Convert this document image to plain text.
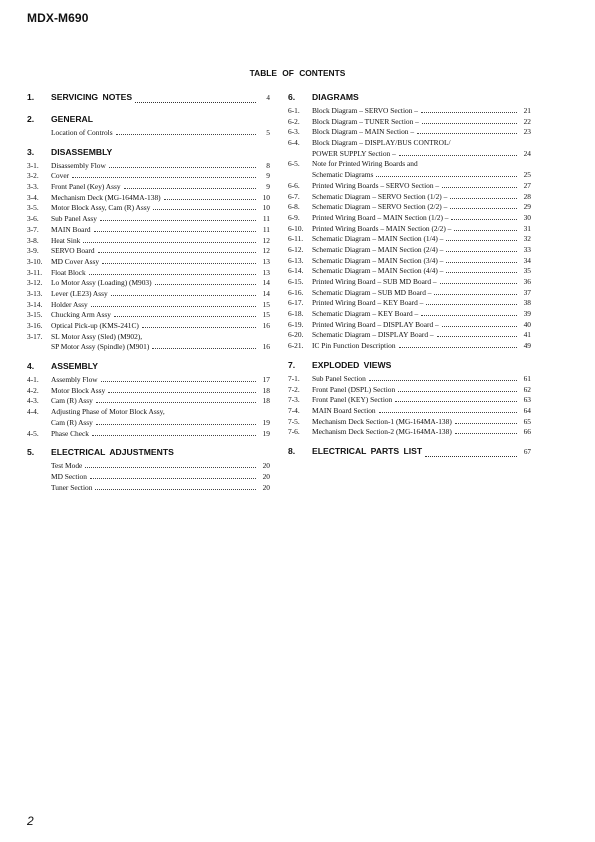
MDX-M690
TABLE OF CONTENTS
1.	SERVICING NOTES	4
2.	GENERAL
Location of Controls	5
3.	DISASSEMBLY
3-1.	Disassembly Flow	8
3-2.	Cover	9
3-3.	Front Panel (Key) Assy	9
3-4.	Mechanism Deck (MG-164MA-138)	10
3-5.	Motor Block Assy, Cam (R) Assy	10
3-6.	Sub Panel Assy	11
3-7.	MAIN Board	11
3-8.	Heat Sink	12
3-9.	SERVO Board	12
3-10.	MD Cover Assy	13
3-11.	Float Block	13
3-12.	Lo Motor Assy (Loading) (M903)	14
3-13.	Lever (LE23) Assy	14
3-14.	Holder Assy	15
3-15.	Chucking Arm Assy	15
3-16.	Optical Pick-up (KMS-241C)	16
3-17.	SL Motor Assy (Sled) (M902),
SP Motor Assy (Spindle) (M901)	16
4.	ASSEMBLY
4-1.	Assembly Flow	17
4-2.	Motor Block Assy	18
4-3.	Cam (R) Assy	18
4-4.	Adjusting Phase of Motor Block Assy,
Cam (R) Assy	19
4-5.	Phase Check	19
5.	ELECTRICAL ADJUSTMENTS
Test Mode	20
MD Section	20
Tuner Section	20
6.	DIAGRAMS
6-1.	Block Diagram – SERVO Section –	21
6-2.	Block Diagram – TUNER Section –	22
6-3.	Block Diagram – MAIN Section –	23
6-4.	Block Diagram – DISPLAY/BUS CONTROL/
POWER SUPPLY Section –	24
6-5.	Note for Printed Wiring Boards and
Schematic Diagrams	25
6-6.	Printed Wiring Boards – SERVO Section –	27
6-7.	Schematic Diagram – SERVO Section (1/2) –	28
6-8.	Schematic Diagram – SERVO Section (2/2) –	29
6-9.	Printed Wiring Board – MAIN Section (1/2) –	30
6-10.	Printed Wiring Boards – MAIN Section (2/2) –	31
6-11.	Schematic Diagram – MAIN Section (1/4) –	32
6-12.	Schematic Diagram – MAIN Section (2/4) –	33
6-13.	Schematic Diagram – MAIN Section (3/4) –	34
6-14.	Schematic Diagram – MAIN Section (4/4) –	35
6-15.	Printed Wiring Board – SUB MD Board –	36
6-16.	Schematic Diagram – SUB MD Board –	37
6-17.	Printed Wiring Board – KEY Board –	38
6-18.	Schematic Diagram – KEY Board –	39
6-19.	Printed Wiring Board – DISPLAY Board –	40
6-20.	Schematic Diagram – DISPLAY Board –	41
6-21.	IC Pin Function Description	49
7.	EXPLODED VIEWS
7-1.	Sub Panel Section	61
7-2.	Front Panel (DSPL) Section	62
7-3.	Front Panel (KEY) Section	63
7-4.	MAIN Board Section	64
7-5.	Mechanism Deck Section-1 (MG-164MA-138)	65
7-6.	Mechanism Deck Section-2 (MG-164MA-138)	66
8.	ELECTRICAL PARTS LIST	67
2
